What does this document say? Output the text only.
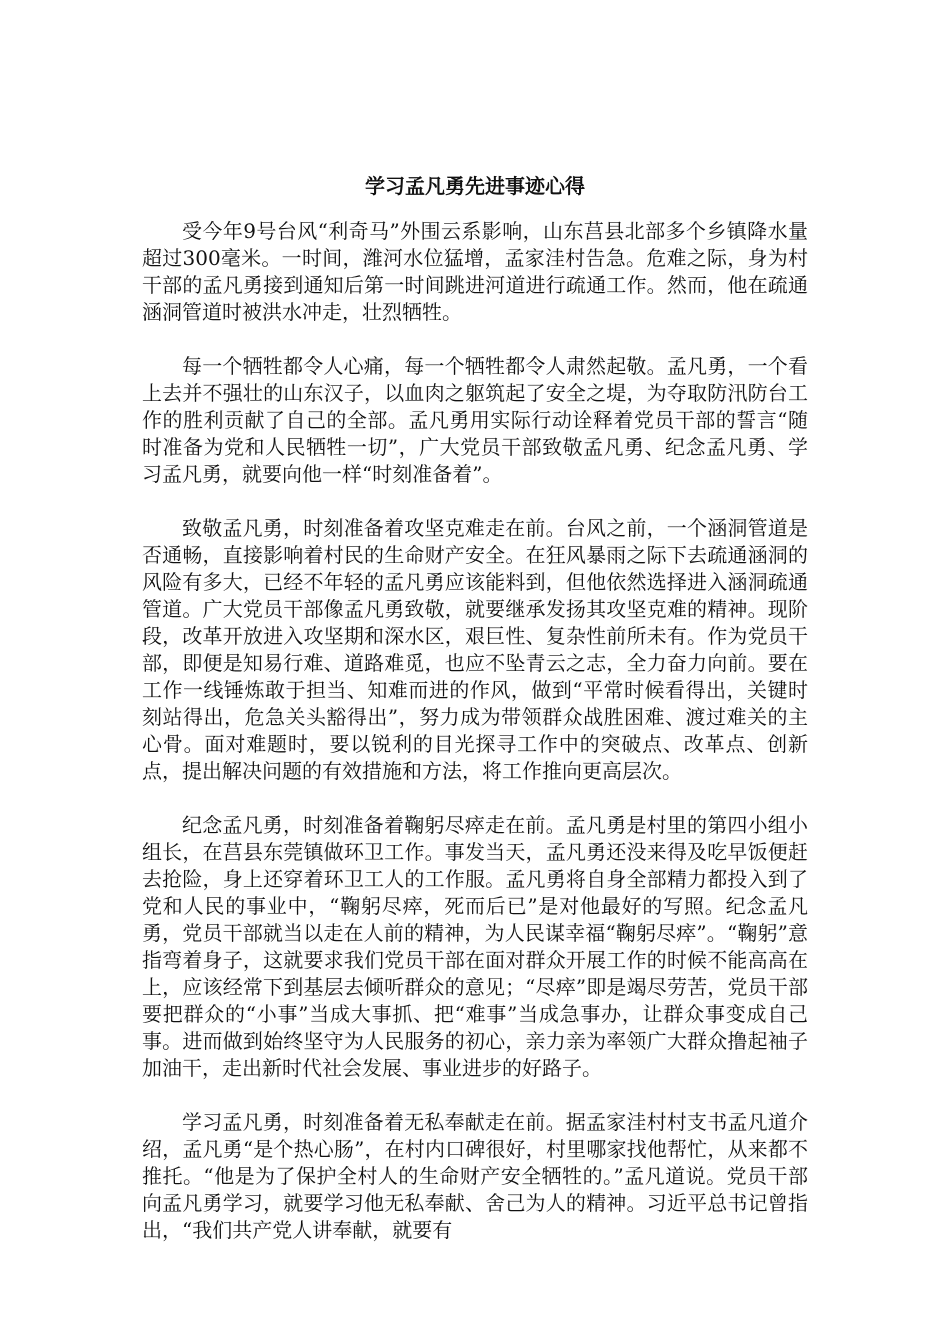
学习孟凡勇先进事迹心得

受今年9号台风“利奇马”外围云系影响，山东莒县北部多个乡镇降水量超过300毫米。一时间，潍河水位猛增，孟家洼村告急。危难之际，身为村干部的孟凡勇接到通知后第一时间跳进河道进行疏通工作。然而，他在疏通涵洞管道时被洪水冲走，壮烈牺牲。

每一个牺牲都令人心痛，每一个牺牲都令人肃然起敬。孟凡勇，一个看上去并不强壮的山东汉子，以血肉之躯筑起了安全之堤，为夺取防汛防台工作的胜利贡献了自己的全部。孟凡勇用实际行动诠释着党员干部的誓言“随时准备为党和人民牺牲一切”，广大党员干部致敬孟凡勇、纪念孟凡勇、学习孟凡勇，就要向他一样“时刻准备着”。

致敬孟凡勇，时刻准备着攻坚克难走在前。台风之前，一个涵洞管道是否通畅，直接影响着村民的生命财产安全。在狂风暴雨之际下去疏通涵洞的风险有多大，已经不年轻的孟凡勇应该能料到，但他依然选择进入涵洞疏通管道。广大党员干部像孟凡勇致敬，就要继承发扬其攻坚克难的精神。现阶段，改革开放进入攻坚期和深水区，艰巨性、复杂性前所未有。作为党员干部，即便是知易行难、道路难觅，也应不坠青云之志，全力奋力向前。要在工作一线锤炼敢于担当、知难而进的作风，做到“平常时候看得出，关键时刻站得出，危急关头豁得出”，努力成为带领群众战胜困难、渡过难关的主心骨。面对难题时，要以锐利的目光探寻工作中的突破点、改革点、创新点，提出解决问题的有效措施和方法，将工作推向更高层次。

纪念孟凡勇，时刻准备着鞠躬尽瘁走在前。孟凡勇是村里的第四小组小组长，在莒县东莞镇做环卫工作。事发当天，孟凡勇还没来得及吃早饭便赶去抢险，身上还穿着环卫工人的工作服。孟凡勇将自身全部精力都投入到了党和人民的事业中，“鞠躬尽瘁，死而后已”是对他最好的写照。纪念孟凡勇，党员干部就当以走在人前的精神，为人民谋幸福“鞠躬尽瘁”。“鞠躬”意指弯着身子，这就要求我们党员干部在面对群众开展工作的时候不能高高在上，应该经常下到基层去倾听群众的意见；“尽瘁”即是竭尽劳苦，党员干部要把群众的“小事”当成大事抓、把“难事”当成急事办，让群众事变成自己事。进而做到始终坚守为人民服务的初心，亲力亲为率领广大群众撸起袖子加油干，走出新时代社会发展、事业进步的好路子。

学习孟凡勇，时刻准备着无私奉献走在前。据孟家洼村村支书孟凡道介绍，孟凡勇“是个热心肠”，在村内口碑很好，村里哪家找他帮忙，从来都不推托。“他是为了保护全村人的生命财产安全牺牲的。”孟凡道说。党员干部向孟凡勇学习，就要学习他无私奉献、舍己为人的精神。习近平总书记曾指出，“我们共产党人讲奉献，就要有
